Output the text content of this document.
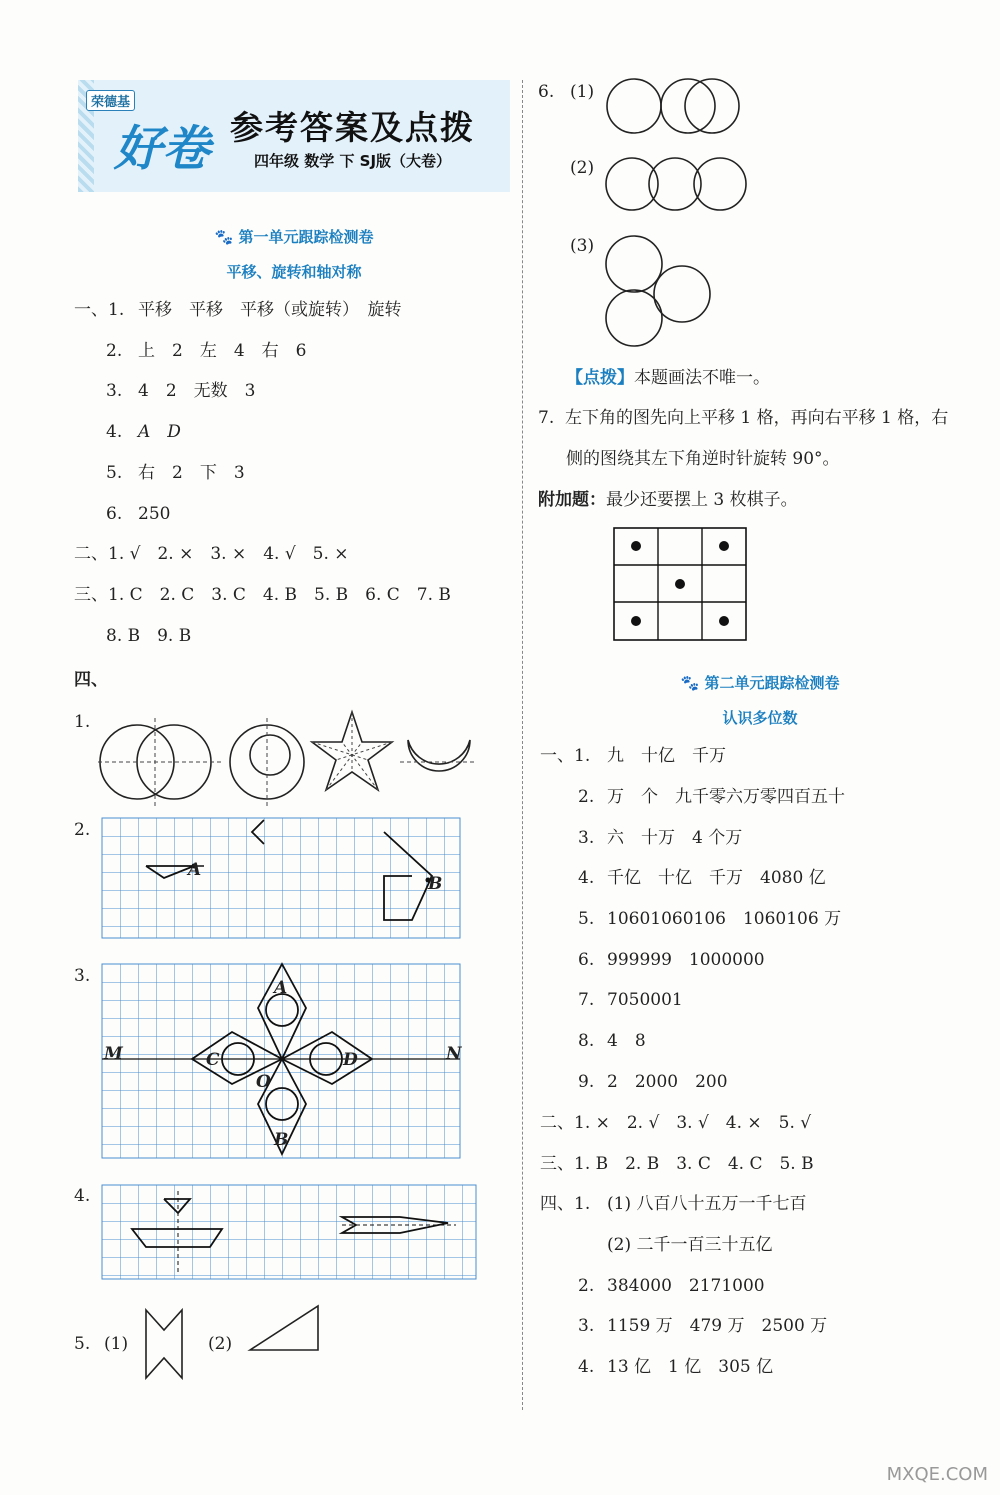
荣德基
好卷 参考答案及点拨
四年级 数学 下 SJ版（大卷）
🐾 第一单元跟踪检测卷
平移、旋转和轴对称
一、1. 平移　平移　平移（或旋转）　旋转
2. 上　2　左　4　右　6
3. 4　2　无数　3
4. A　D
5. 右　2　下　3
6. 250
二、1. √　2. ×　3. ×　4. √　5. ×
三、1. C　2. C　3. C　4. B　5. B　6. C　7. B
8. B　9. B
四、
1.
2.
A
B
3.
A
M	N
C	D
O
B
4.
5. (1)	(2)
6. (1)
(2)
(3)
【点拨】本题画法不唯一。
7.  左下角的图先向上平移 1 格，再向右平移 1 格，右
侧的图绕其左下角逆时针旋转 90°。
附加题：最少还要摆上 3 枚棋子。
🐾 第二单元跟踪检测卷
认识多位数
一、1. 九　十亿　千万
2. 万　个　九千零六万零四百五十
3. 六　十万　4 个万
4. 千亿　十亿　千万　4080 亿
5. 10601060106　1060106 万
6. 999999　1000000
7. 7050001
8. 4　8
9. 2　2000　200
二、1. ×　2. √　3. √　4. ×　5. √
三、1. B　2. B　3. C　4. C　5. B
四、1. (1) 八百八十五万一千七百
(2) 二千一百三十五亿
2. 384000　2171000
3. 1159 万　479 万　2500 万
4. 13 亿　1 亿　305 亿
MXQE.COM
